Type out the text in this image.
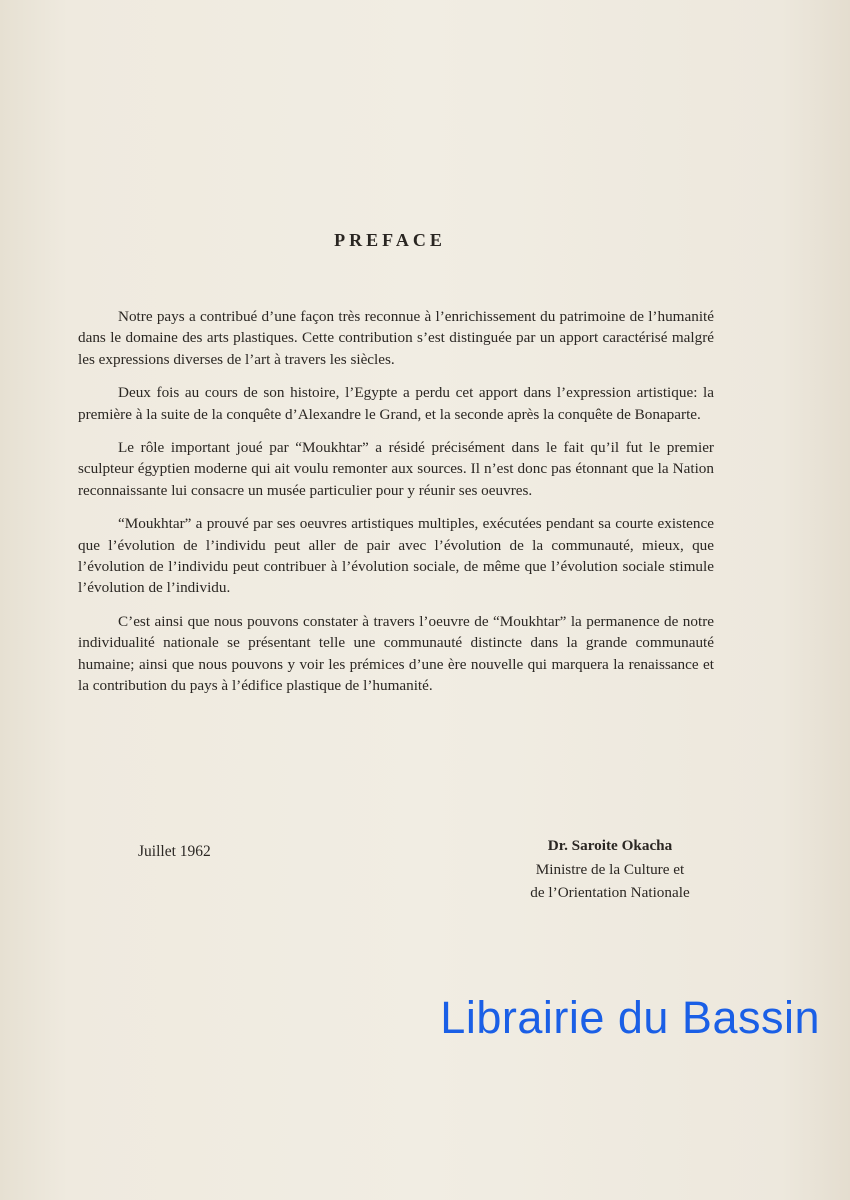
PREFACE

Notre pays a contribué d’une façon très reconnue à l’enrichissement du patrimoine de l’humanité dans le domaine des arts plastiques. Cette contribution s’est distinguée par un apport caractérisé malgré les expressions diverses de l’art à travers les siècles.

Deux fois au cours de son histoire, l’Egypte a perdu cet apport dans l’expression artistique: la première à la suite de la conquête d’Alexandre le Grand, et la seconde après la conquête de Bonaparte.

Le rôle important joué par “Moukhtar” a résidé précisément dans le fait qu’il fut le premier sculpteur égyptien moderne qui ait voulu remonter aux sources. Il n’est donc pas étonnant que la Nation reconnaissante lui consacre un musée particulier pour y réunir ses oeuvres.

“Moukhtar” a prouvé par ses oeuvres artistiques multiples, exécutées pendant sa courte existence que l’évolution de l’individu peut aller de pair avec l’évolution de la communauté, mieux, que l’évolution de l’individu peut contribuer à l’évolution sociale, de même que l’évolution sociale stimule l’évolution de l’individu.

C’est ainsi que nous pouvons constater à travers l’oeuvre de “Moukhtar” la permanence de notre individualité nationale se présentant telle une communauté distincte dans la grande communauté humaine; ainsi que nous pouvons y voir les prémices d’une ère nouvelle qui marquera la renaissance et la contribution du pays à l’édifice plastique de l’humanité.

Juillet 1962	Dr. Saroite Okacha
Ministre de la Culture et
de l’Orientation Nationale
Librairie du Bassin
